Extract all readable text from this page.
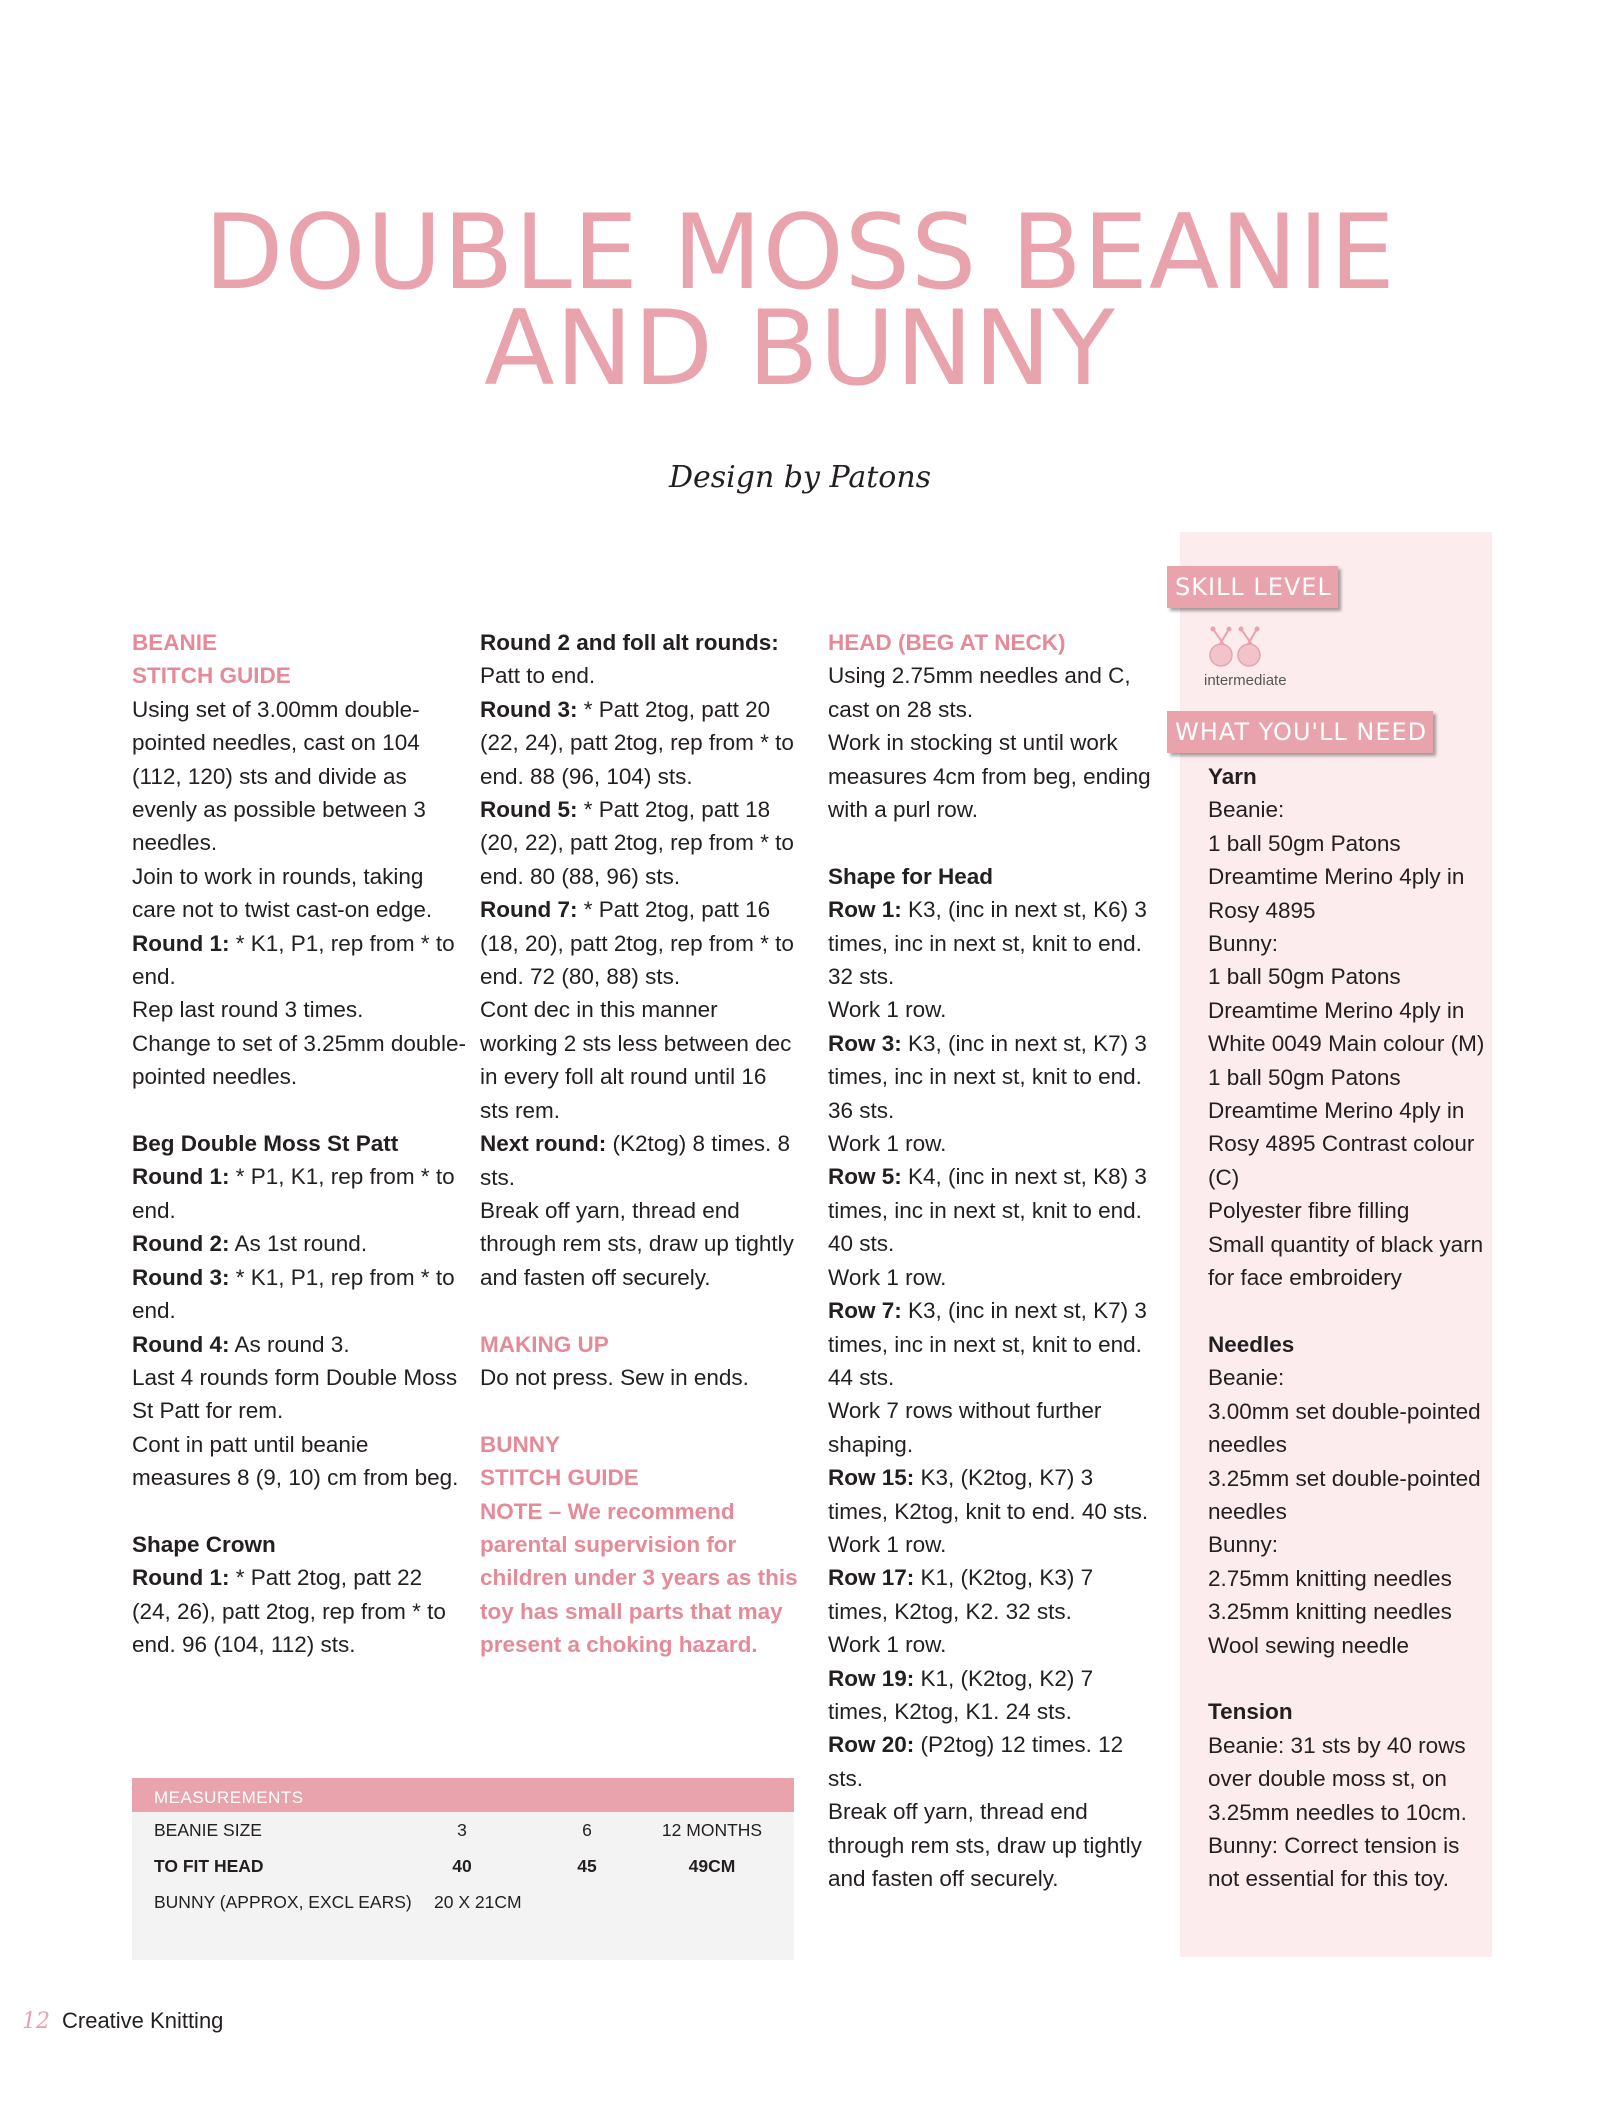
DOUBLE MOSS BEANIE
AND BUNNY
Design by Patons

BEANIE

STITCH GUIDE

Using set of 3.00mm double-pointed needles, cast on 104 (112, 120) sts and divide as evenly as possible between 3 needles.

Join to work in rounds, taking care not to twist cast-on edge.

Round 1: * K1, P1, rep from * to end.

Rep last round 3 times.

Change to set of 3.25mm double-pointed needles.

Beg Double Moss St Patt

Round 1: * P1, K1, rep from * to end.

Round 2: As 1st round.

Round 3: * K1, P1, rep from * to end.

Round 4: As round 3.

Last 4 rounds form Double Moss St Patt for rem.

Cont in patt until beanie measures 8 (9, 10) cm from beg.

Shape Crown

Round 1: * Patt 2tog, patt 22 (24, 26), patt 2tog, rep from * to end. 96 (104, 112) sts.

Round 2 and foll alt rounds: Patt to end.

Round 3: * Patt 2tog, patt 20 (22, 24), patt 2tog, rep from * to end. 88 (96, 104) sts.

Round 5: * Patt 2tog, patt 18 (20, 22), patt 2tog, rep from * to end. 80 (88, 96) sts.

Round 7: * Patt 2tog, patt 16 (18, 20), patt 2tog, rep from * to end. 72 (80, 88) sts.

Cont dec in this manner working 2 sts less between dec in every foll alt round until 16 sts rem.

Next round: (K2tog) 8 times. 8 sts.

Break off yarn, thread end through rem sts, draw up tightly and fasten off securely.

MAKING UP

Do not press. Sew in ends.

BUNNY

STITCH GUIDE

NOTE – We recommend parental supervision for children under 3 years as this toy has small parts that may present a choking hazard.

HEAD (BEG AT NECK)

Using 2.75mm needles and C, cast on 28 sts.

Work in stocking st until work measures 4cm from beg, ending with a purl row.

Shape for Head

Row 1: K3, (inc in next st, K6) 3 times, inc in next st, knit to end. 32 sts.

Work 1 row.

Row 3: K3, (inc in next st, K7) 3 times, inc in next st, knit to end. 36 sts.

Work 1 row.

Row 5: K4, (inc in next st, K8) 3 times, inc in next st, knit to end. 40 sts.

Work 1 row.

Row 7: K3, (inc in next st, K7) 3 times, inc in next st, knit to end. 44 sts.

Work 7 rows without further shaping.

Row 15: K3, (K2tog, K7) 3 times, K2tog, knit to end. 40 sts.

Work 1 row.

Row 17: K1, (K2tog, K3) 7 times, K2tog, K2. 32 sts.

Work 1 row.

Row 19: K1, (K2tog, K2) 7 times, K2tog, K1. 24 sts.

Row 20: (P2tog) 12 times. 12 sts.

Break off yarn, thread end through rem sts, draw up tightly and fasten off securely.

SKILL LEVEL
intermediate
WHAT YOU'LL NEED

Yarn

Beanie:

1 ball 50gm Patons Dreamtime Merino 4ply in Rosy 4895

Bunny:

1 ball 50gm Patons Dreamtime Merino 4ply in White 0049 Main colour (M)

1 ball 50gm Patons Dreamtime Merino 4ply in Rosy 4895 Contrast colour (C)

Polyester fibre filling

Small quantity of black yarn for face embroidery

Needles

Beanie:

3.00mm set double-pointed needles

3.25mm set double-pointed needles

Bunny:

2.75mm knitting needles

3.25mm knitting needles

Wool sewing needle

Tension

Beanie: 31 sts by 40 rows over double moss st, on 3.25mm needles to 10cm.

Bunny: Correct tension is not essential for this toy.

MEASUREMENTS
BEANIE SIZE	3	6	12 MONTHS
TO FIT HEAD	40	45	49CM
BUNNY (APPROX, EXCL EARS) 20 X 21CM
12 Creative Knitting
